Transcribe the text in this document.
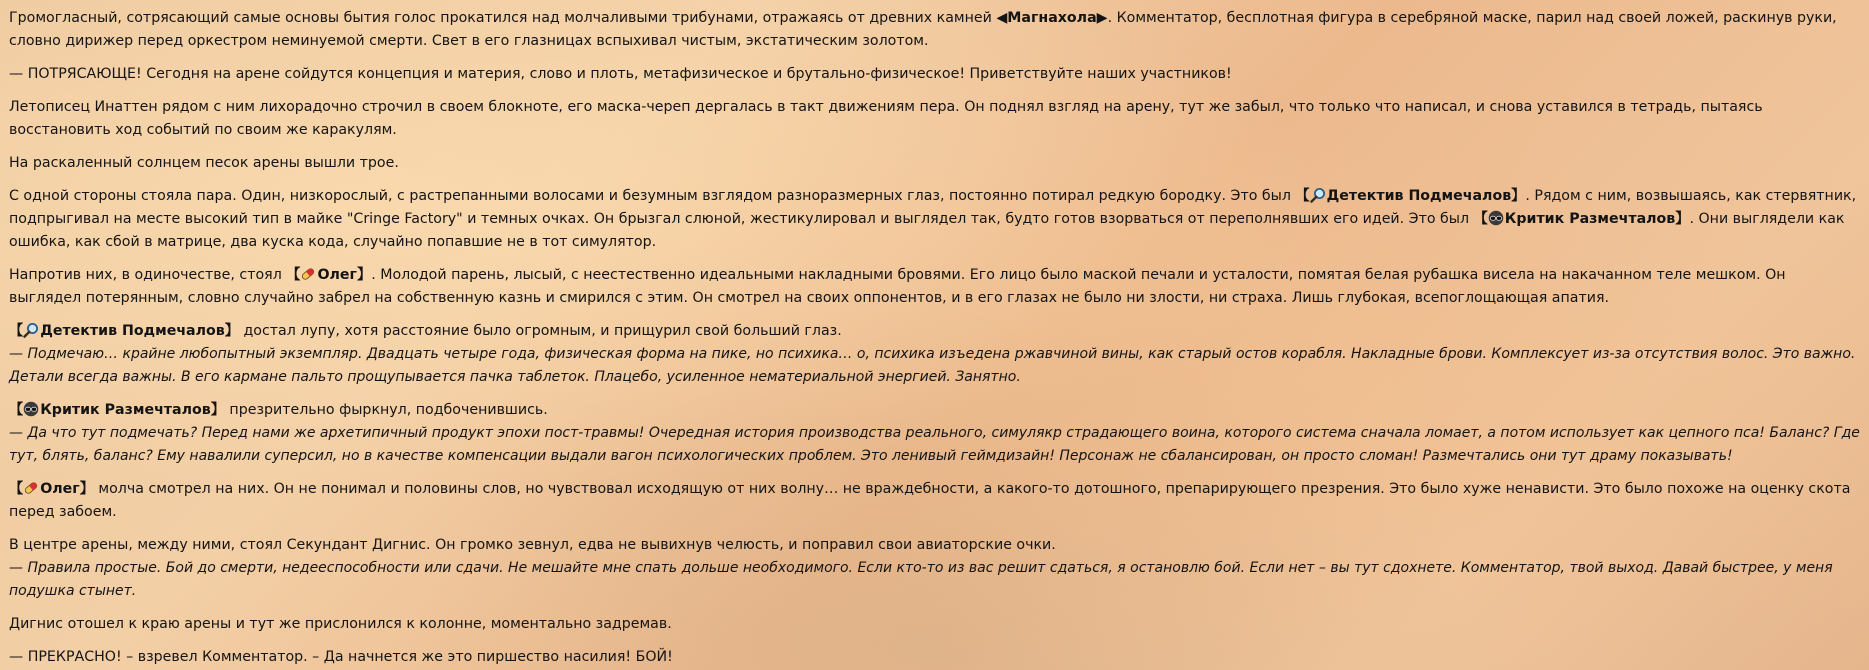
Громогласный, сотрясающий самые основы бытия голос прокатился над молчаливыми трибунами, отражаясь от древних камней ◀Магнахола▶. Комментатор, бесплотная фигура в серебряной маске, парил над своей ложей, раскинув руки, словно дирижер перед оркестром неминуемой смерти. Свет в его глазницах вспыхивал чистым, экстатическим золотом.
— ПОТРЯСАЮЩЕ! Сегодня на арене сойдутся концепция и материя, слово и плоть, метафизическое и брутально-физическое! Приветствуйте наших участников!
Летописец Инаттен рядом с ним лихорадочно строчил в своем блокноте, его маска-череп дергалась в такт движениям пера. Он поднял взгляд на арену, тут же забыл, что только что написал, и снова уставился в тетрадь, пытаясь восстановить ход событий по своим же каракулям.
На раскаленный солнцем песок арены вышли трое.
С одной стороны стояла пара. Один, низкорослый, с растрепанными волосами и безумным взглядом разноразмерных глаз, постоянно потирал редкую бородку. Это был 【 Детектив Подмечалов】. Рядом с ним, возвышаясь, как стервятник, подпрыгивал на месте высокий тип в майке "Cringe Factory" и темных очках. Он брызгал слюной, жестикулировал и выглядел так, будто готов взорваться от переполнявших его идей. Это был 【 Критик Размечталов】. Они выглядели как ошибка, как сбой в матрице, два куска кода, случайно попавшие не в тот симулятор.
Напротив них, в одиночестве, стоял 【 Олег】. Молодой парень, лысый, с неестественно идеальными накладными бровями. Его лицо было маской печали и усталости, помятая белая рубашка висела на накачанном теле мешком. Он выглядел потерянным, словно случайно забрел на собственную казнь и смирился с этим. Он смотрел на своих оппонентов, и в его глазах не было ни злости, ни страха. Лишь глубокая, всепоглощающая апатия.
【 Детектив Подмечалов】 достал лупу, хотя расстояние было огромным, и прищурил свой больший глаз.
— Подмечаю… крайне любопытный экземпляр. Двадцать четыре года, физическая форма на пике, но психика… о, психика изъедена ржавчиной вины, как старый остов корабля. Накладные брови. Комплексует из-за отсутствия волос. Это важно. Детали всегда важны. В его кармане пальто прощупывается пачка таблеток. Плацебо, усиленное нематериальной энергией. Занятно.
【 Критик Размечталов】 презрительно фыркнул, подбоченившись.
— Да что тут подмечать? Перед нами же архетипичный продукт эпохи пост-травмы! Очередная история производства реального, симулякр страдающего воина, которого система сначала ломает, а потом использует как цепного пса! Баланс? Где тут, блять, баланс? Ему навалили суперсил, но в качестве компенсации выдали вагон психологических проблем. Это ленивый геймдизайн! Персонаж не сбалансирован, он просто сломан! Размечтались они тут драму показывать!
【 Олег】 молча смотрел на них. Он не понимал и половины слов, но чувствовал исходящую от них волну… не враждебности, а какого-то дотошного, препарирующего презрения. Это было хуже ненависти. Это было похоже на оценку скота перед забоем.
В центре арены, между ними, стоял Секундант Дигнис. Он громко зевнул, едва не вывихнув челюсть, и поправил свои авиаторские очки.
— Правила простые. Бой до смерти, недееспособности или сдачи. Не мешайте мне спать дольше необходимого. Если кто-то из вас решит сдаться, я остановлю бой. Если нет – вы тут сдохнете. Комментатор, твой выход. Давай быстрее, у меня подушка стынет.
Дигнис отошел к краю арены и тут же прислонился к колонне, моментально задремав.
— ПРЕКРАСНО! – взревел Комментатор. – Да начнется же это пиршество насилия! БОЙ!
